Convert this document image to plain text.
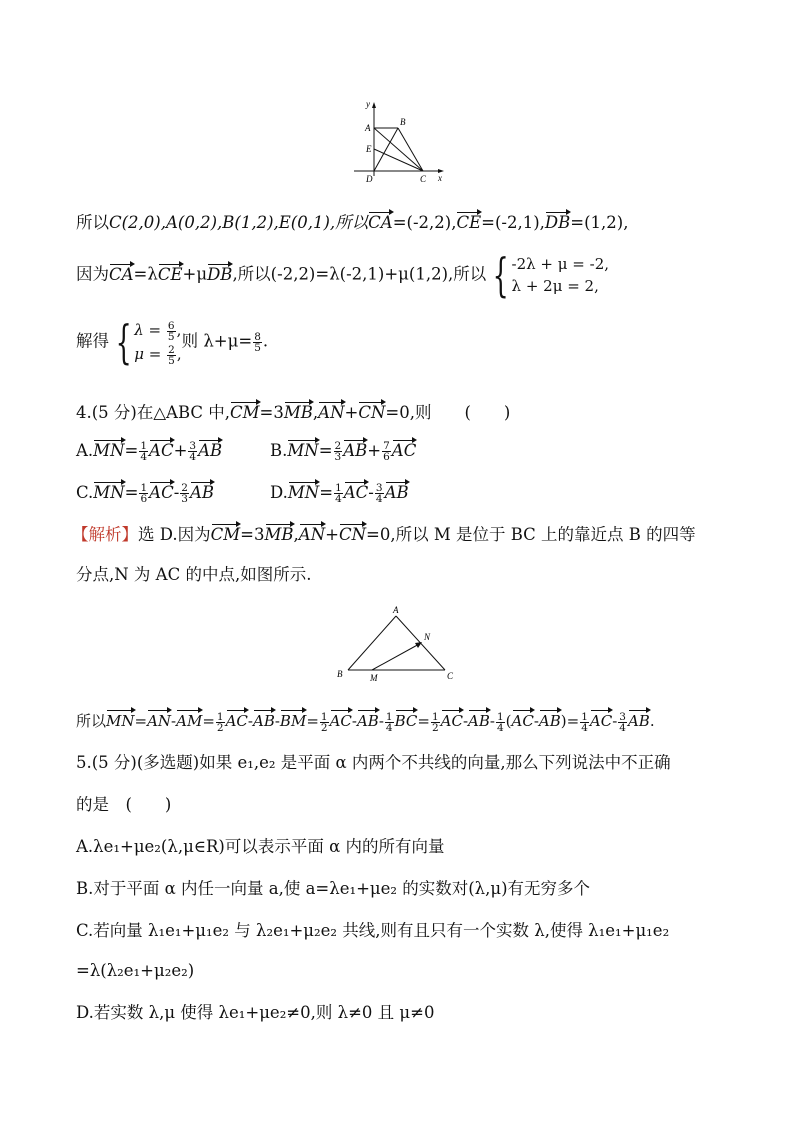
y
A
B
E
D	C x
所以C(2,0),A(0,2),B(1,2),E(0,1),所以CA=(-2,2),CE=(-2,1),DB=(1,2),
因为CA=λCE+μDB,所以(-2,2)=λ(-2,1)+μ(1,2),所以 { -2λ + μ = -2,
λ + 2μ = 2,
解得 { $\lambda = \frac{6}{5}$ ,
$\mu = \frac{2}{5}$ ,
则 $\lambda+\mu= \frac{8}{5}$ .
4.(5 分)在△ABC 中,CM=3MB,AN+CN=0,则　　 (　　)
$A.MN= \frac{1}{4} AC+ \frac{3}{4}$ AB	$B.MN= \frac{2}{3} AB+ \frac{7}{6}$ AC
$C.MN= \frac{1}{6} AC- \frac{2}{3}$ AB	$D.MN= \frac{1}{4} AC- \frac{3}{4}$ AB
【解析】选 D.因为CM=3MB,AN+CN=0,所以 M 是位于 BC 上的靠近点 B 的四等
分点,N 为 AC 的中点,如图所示.
A
N
B	M	C
所以$MN=AN-AM= \frac{1}{2} AC-AB-BM= \frac{1}{2} AC-AB- \frac{1}{4} BC= \frac{1}{2} AC-AB- \frac{1}{4} (AC-AB)= \frac{1}{4} AC- \frac{3}{4}$ AB.
5.(5 分)(多选题)如果 e₁,e₂ 是平面 α 内两个不共线的向量,那么下列说法中不正确
的是　(　　)
A.λe₁+μe₂(λ,μ∈R)可以表示平面 α 内的所有向量
B.对于平面 α 内任一向量 a,使 a=λe₁+μe₂ 的实数对(λ,μ)有无穷多个
C.若向量 λ₁e₁+μ₁e₂ 与 λ₂e₁+μ₂e₂ 共线,则有且只有一个实数 λ,使得 λ₁e₁+μ₁e₂
=λ(λ₂e₁+μ₂e₂)
D.若实数 λ,μ 使得 λe₁+μe₂≠0,则 λ≠0 且 μ≠0
